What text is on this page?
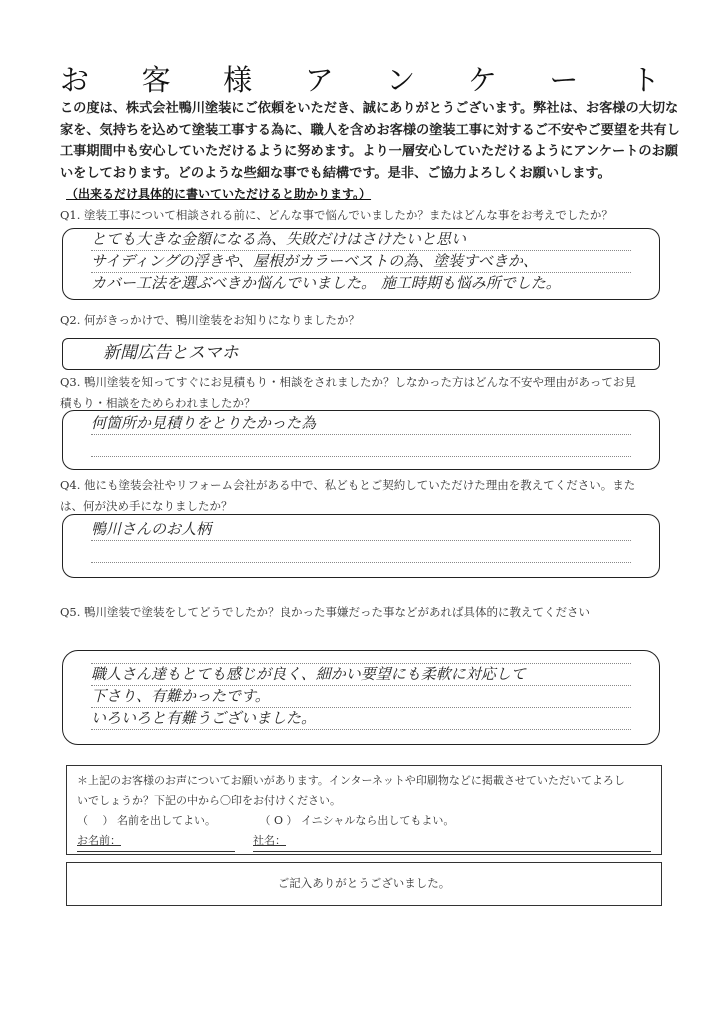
お 客 様 ア ン ケ ー ト
この度は、株式会社鴨川塗装にご依頼をいただき、誠にありがとうございます。弊社は、お客様の大切な
家を、気持ちを込めて塗装工事する為に、職人を含めお客様の塗装工事に対するご不安やご要望を共有し
工事期間中も安心していただけるように努めます。より一層安心していただけるようにアンケートのお願
いをしております。どのような些細な事でも結構です。是非、ご協力よろしくお願いします。
（出来るだけ具体的に書いていただけると助かります。）
Q1. 塗装工事について相談される前に、どんな事で悩んでいましたか？またはどんな事をお考えでしたか？
とても大きな金額になる為、失敗だけはさけたいと思い
サイディングの浮きや、屋根がカラーベストの為、塗装すべきか、
カバー工法を選ぶべきか悩んでいました。 施工時期も悩み所でした。
Q2. 何がきっかけで、鴨川塗装をお知りになりましたか？
新聞広告とスマホ
Q3. 鴨川塗装を知ってすぐにお見積もり・相談をされましたか？しなかった方はどんな不安や理由があってお見
積もり・相談をためらわれましたか？
何箇所か見積りをとりたかった為
Q4. 他にも塗装会社やリフォーム会社がある中で、私どもとご契約していただけた理由を教えてください。また
は、何が決め手になりましたか？
鴨川さんのお人柄
Q5. 鴨川塗装で塗装をしてどうでしたか？良かった事嫌だった事などがあれば具体的に教えてください
職人さん達もとても感じが良く、細かい要望にも柔軟に対応して
下さり、有難かったです。
いろいろと有難うございました。
＊上記のお客様のお声についてお願いがあります。インターネットや印刷物などに掲載させていただいてよろし
いでしょうか？下記の中から〇印をお付けください。
（　 ） 名前を出してよい。	（ O ） イニシャルなら出してもよい。
お名前：	社名：
ご記入ありがとうございました。
